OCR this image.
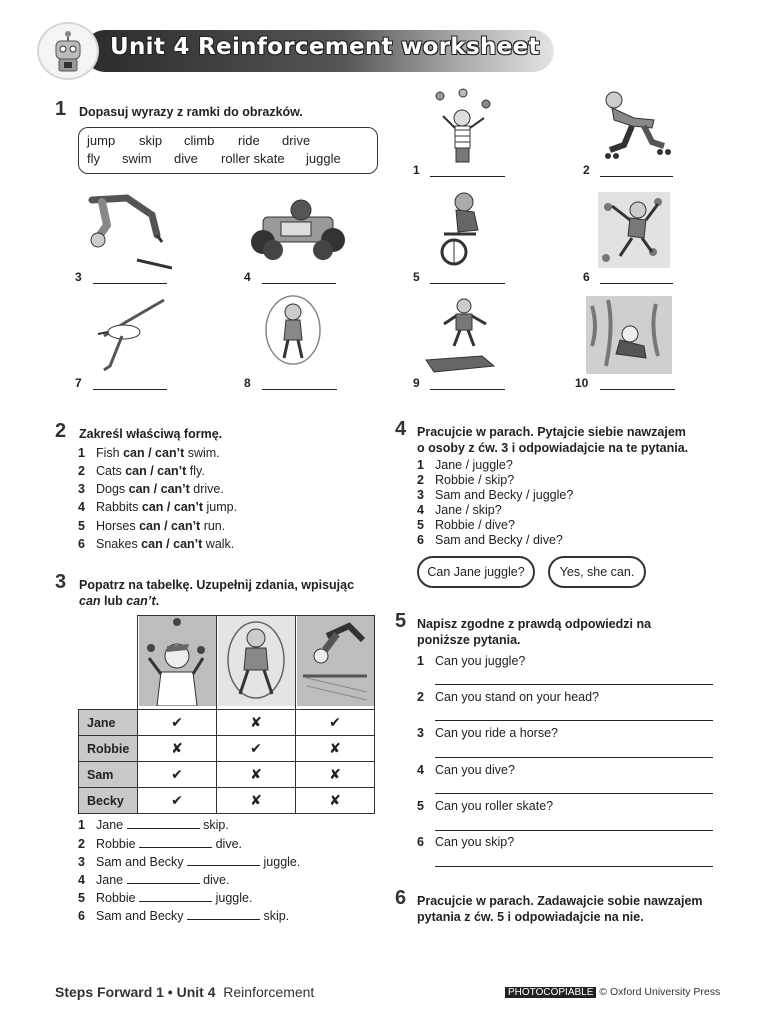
Unit 4 Reinforcement worksheet
1 Dopasuj wyrazy z ramki do obrazków.
jump skip climb ride drive
fly swim dive roller skate juggle
1	2
3	4	5	6
7	8	9	10
2 Zakreśl właściwą formę.
1 Fish can / can’t swim.
2 Cats can / can’t fly.
3 Dogs can / can’t drive.
4 Rabbits can / can’t jump.
5 Horses can / can’t run.
6 Snakes can / can’t walk.
3 Popatrz na tabelkę. Uzupełnij zdania, wpisując
can lub can’t.

Jane	✔	✘	✔
Robbie	✘	✔	✘
Sam	✔	✘	✘
Becky	✔	✘	✘
1 Jane	skip.
2 Robbie	dive.
3 Sam and Becky	juggle.
4 Jane	dive.
5 Robbie	juggle.
6 Sam and Becky	skip.
4 Pracujcie w parach. Pytajcie siebie nawzajem
o osoby z ćw. 3 i odpowiadajcie na te pytania.
1 Jane / juggle?
2 Robbie / skip?
3 Sam and Becky / juggle?
4 Jane / skip?
5 Robbie / dive?
6 Sam and Becky / dive?
Can Jane juggle?	Yes, she can.
5 Napisz zgodne z prawdą odpowiedzi na
poniższe pytania.
1 Can you juggle?
2 Can you stand on your head?
3 Can you ride a horse?
4 Can you dive?
5 Can you roller skate?
6 Can you skip?
6 Pracujcie w parach. Zadawajcie sobie nawzajem
pytania z ćw. 5 i odpowiadajcie na nie.
Steps Forward 1 • Unit 4 Reinforcement	PHOTOCOPIABLE © Oxford University Press
